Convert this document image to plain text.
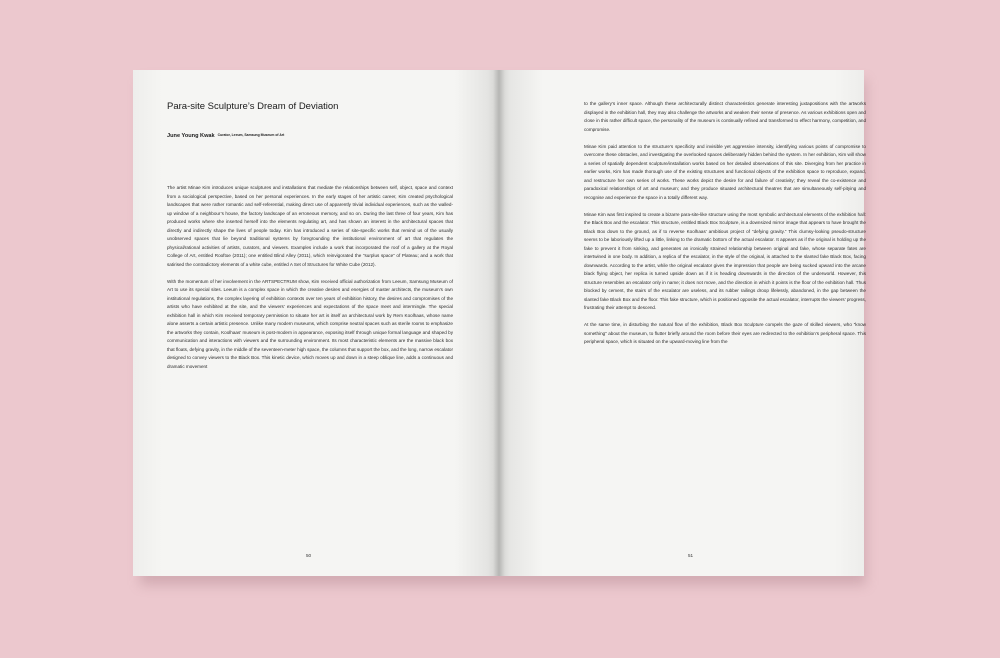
Para-site Sculpture’s Dream of Deviation
June Young Kwak Curator, Leeum, Samsung Museum of Art

The artist Minae Kim introduces unique sculptures and installations that mediate the relationships between self, object, space and context from a sociological perspective, based on her personal experiences. In the early stages of her artistic career, Kim created psychological landscapes that were rather romantic and self-referential, making direct use of apparently trivial individual experiences, such as the walled-up window of a neighbour’s house, the factory landscape of an erroneous memory, and so on. During the last three of four years, Kim has produced works where she inserted herself into the elements regulating art, and has shown an interest in the architectural spaces that directly and indirectly shape the lives of people today. Kim has introduced a series of site-specific works that remind us of the usually unobserved spaces that lie beyond traditional systems by foregrounding the institutional environment of art that regulates the physical/rational activities of artists, curators, and viewers. Examples include a work that incorporated the roof of a gallery at the Royal College of Art, entitled Rooftoe (2011); one entitled Blind Alley (2011), which reinvigorated the “surplus space” of Plateau; and a work that satirised the contradictory elements of a white cube, entitled A Set of Structures for White Cube (2012).

With the momentum of her involvement in the ARTSPECTRUM show, Kim received official authorization from Leeum, Samsung Museum of Art to use its special sites. Leeum is a complex space in which the creative desires and energies of master architects, the museum’s own institutional regulations, the complex layering of exhibition contexts over ten years of exhibition history, the desires and compromises of the artists who have exhibited at the site, and the viewers’ experiences and expectations of the space meet and intermingle. The special exhibition hall in which Kim received temporary permission to situate her art is itself an architectural work by Rem Koolhaas, whose name alone asserts a certain artistic presence. Unlike many modern museums, which comprise neutral spaces such as sterile rooms to emphasize the artworks they contain, Koolhaas’ museum is post-modern in appearance, exposing itself through unique formal language and shaped by communication and interactions with viewers and the surrounding environment. Its most characteristic elements are the massive black box that floats, defying gravity, in the middle of the seventeen-meter high space, the columns that support the box, and the long, narrow escalator designed to convey viewers to the Black Box. This kinetic device, which moves up and down in a steep oblique line, adds a continuous and dramatic movement

50

to the gallery’s inner space. Although these architecturally distinct characteristics generate interesting juxtapositions with the artworks displayed in the exhibition hall, they may also challenge the artworks and weaken their sense of presence. As various exhibitions open and close in this rather difficult space, the personality of the museum is continually refined and transformed to effect harmony, competition, and compromise.

Minae Kim paid attention to the structure’s specificity and invisible yet aggressive intensity, identifying various points of compromise to overcome these obstacles, and investigating the overlooked spaces deliberately hidden behind the system. In her exhibition, Kim will show a series of spatially dependent sculpture/installation works based on her detailed observations of this site. Diverging from her practice in earlier works, Kim has made thorough use of the existing structures and functional objects of the exhibition space to reproduce, expand, and restructure her own series of works. These works depict the desire for and failure of creativity; they reveal the co-existence and paradoxical relationships of art and museum; and they produce situated architectural theatres that are simultaneously self-pitying and recognise and experience the space in a totally different way.

Minae Kim was first inspired to create a bizarre para-site-like structure using the most symbolic architectural elements of the exhibition hall: the Black Box and the escalator. This structure, entitled Black Box Sculpture, is a downsized mirror image that appears to have brought the Black Box down to the ground, as if to reverse Koolhaas’ ambitious project of “defying gravity.” This clumsy-looking pseudo-structure seems to be laboriously lifted up a little, linking to the dramatic bottom of the actual escalator. It appears as if the original is holding up the fake to prevent it from sinking, and generates an ironically strained relationship between original and fake, whose separate fates are intertwined in one body. In addition, a replica of the escalator, in the style of the original, is attached to the slanted fake Black Box, facing downwards. According to the artist, while the original escalator gives the impression that people are being sucked upward into the arcane black flying object, her replica is turned upside down as if it is heading downwards in the direction of the underworld. However, this structure resembles an escalator only in name; it does not move, and the direction in which it points is the floor of the exhibition hall. Thus blocked by cement, the stairs of the escalator are useless, and its rubber railings droop lifelessly, abandoned, in the gap between the slanted fake Black Box and the floor. This fake structure, which is positioned opposite the actual escalator, interrupts the viewers’ progress, frustrating their attempt to descend.

At the same time, in disturbing the natural flow of the exhibition, Black Box Sculpture compels the gaze of skilled viewers, who “know something” about the museum, to flutter briefly around the room before their eyes are redirected to the exhibition’s peripheral space. This peripheral space, which is situated on the upward-moving line from the

51
